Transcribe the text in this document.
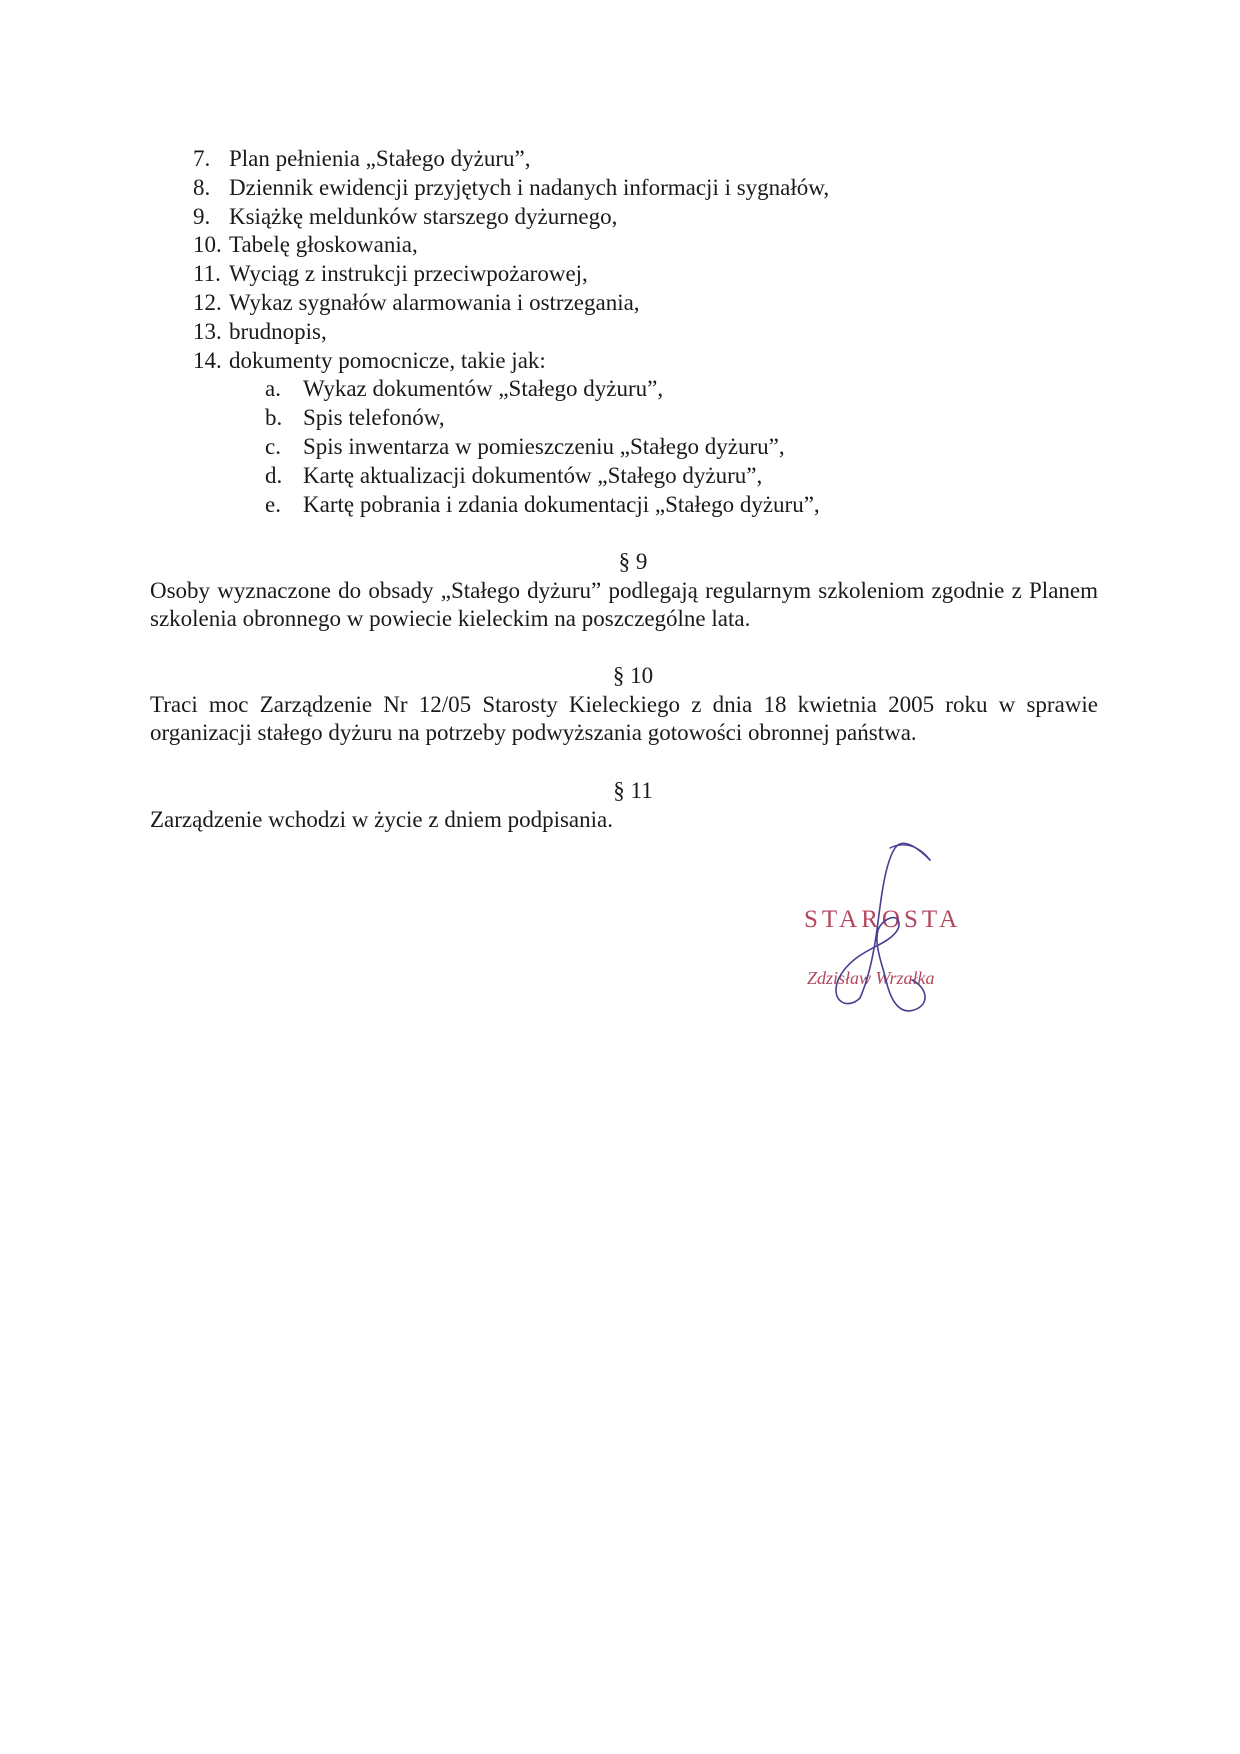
7. Plan pełnienia „Stałego dyżuru”,
8. Dziennik ewidencji przyjętych i nadanych informacji i sygnałów,
9. Książkę meldunków starszego dyżurnego,
10. Tabelę głoskowania,
11. Wyciąg z instrukcji przeciwpożarowej,
12. Wykaz sygnałów alarmowania i ostrzegania,
13. brudnopis,
14. dokumenty pomocnicze, takie jak:
a. Wykaz dokumentów „Stałego dyżuru”,
b. Spis telefonów,
c. Spis inwentarza w pomieszczeniu „Stałego dyżuru”,
d. Kartę aktualizacji dokumentów „Stałego dyżuru”,
e. Kartę pobrania i zdania dokumentacji „Stałego dyżuru”,
§ 9
Osoby wyznaczone do obsady „Stałego dyżuru” podlegają regularnym szkoleniom zgodnie z Planem szkolenia obronnego w powiecie kieleckim na poszczególne lata.
§ 10
Traci moc Zarządzenie Nr 12/05 Starosty Kieleckiego z dnia 18 kwietnia 2005 roku w sprawie organizacji stałego dyżuru na potrzeby podwyższania gotowości obronnej państwa.
§ 11
Zarządzenie wchodzi w życie z dniem podpisania.
STAROSTA
Zdzisław Wrzałka
